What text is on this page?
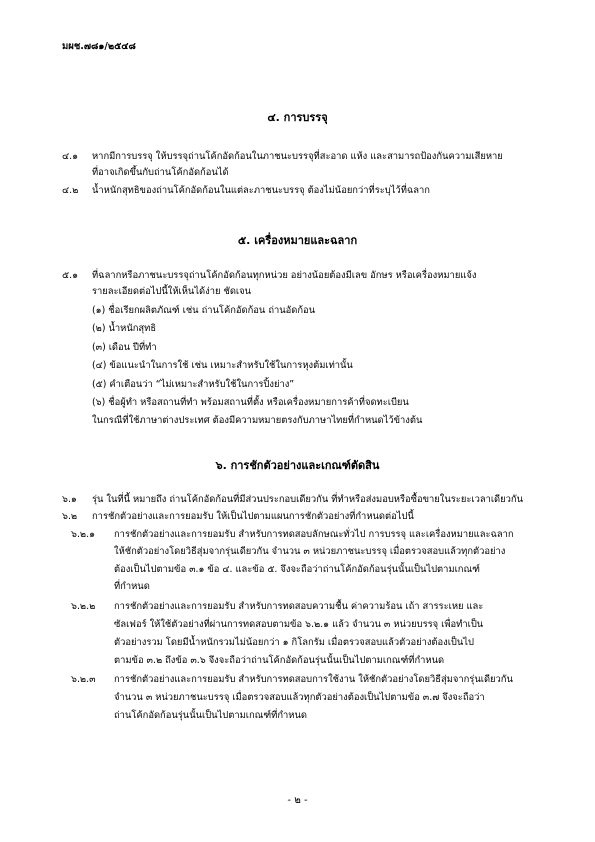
มผช.๗๘๑/๒๕๔๘
๔. การบรรจุ
๔.๑ หากมีการบรรจุ ให้บรรจุถ่านโค้กอัดก้อนในภาชนะบรรจุที่สะอาด แห้ง และสามารถป้องกันความเสียหาย
ที่อาจเกิดขึ้นกับถ่านโค้กอัดก้อนได้
๔.๒ น้ำหนักสุทธิของถ่านโค้กอัดก้อนในแต่ละภาชนะบรรจุ ต้องไม่น้อยกว่าที่ระบุไว้ที่ฉลาก
๕. เครื่องหมายและฉลาก
๕.๑ ที่ฉลากหรือภาชนะบรรจุถ่านโค้กอัดก้อนทุกหน่วย อย่างน้อยต้องมีเลข อักษร หรือเครื่องหมายแจ้ง
รายละเอียดต่อไปนี้ให้เห็นได้ง่าย ชัดเจน
(๑) ชื่อเรียกผลิตภัณฑ์ เช่น ถ่านโค้กอัดก้อน ถ่านอัดก้อน
(๒) น้ำหนักสุทธิ
(๓) เดือน ปีที่ทำ
(๔) ข้อแนะนำในการใช้ เช่น เหมาะสำหรับใช้ในการหุงต้มเท่านั้น
(๕) คำเตือนว่า “ไม่เหมาะสำหรับใช้ในการปิ้งย่าง”
(๖) ชื่อผู้ทำ หรือสถานที่ทำ พร้อมสถานที่ตั้ง หรือเครื่องหมายการค้าที่จดทะเบียน
ในกรณีที่ใช้ภาษาต่างประเทศ ต้องมีความหมายตรงกับภาษาไทยที่กำหนดไว้ข้างต้น
๖. การชักตัวอย่างและเกณฑ์ตัดสิน
๖.๑ รุ่น ในที่นี้ หมายถึง ถ่านโค้กอัดก้อนที่มีส่วนประกอบเดียวกัน ที่ทำหรือส่งมอบหรือซื้อขายในระยะเวลาเดียวกัน
๖.๒ การชักตัวอย่างและการยอมรับ ให้เป็นไปตามแผนการชักตัวอย่างที่กำหนดต่อไปนี้
๖.๒.๑ การชักตัวอย่างและการยอมรับ สำหรับการทดสอบลักษณะทั่วไป การบรรจุ และเครื่องหมายและฉลาก
ให้ชักตัวอย่างโดยวิธีสุ่มจากรุ่นเดียวกัน จำนวน ๓ หน่วยภาชนะบรรจุ เมื่อตรวจสอบแล้วทุกตัวอย่าง
ต้องเป็นไปตามข้อ ๓.๑ ข้อ ๔. และข้อ ๕. จึงจะถือว่าถ่านโค้กอัดก้อนรุ่นนั้นเป็นไปตามเกณฑ์
ที่กำหนด
๖.๒.๒ การชักตัวอย่างและการยอมรับ สำหรับการทดสอบความชื้น ค่าความร้อน เถ้า สารระเหย และ
ซัลเฟอร์ ให้ใช้ตัวอย่างที่ผ่านการทดสอบตามข้อ ๖.๒.๑ แล้ว จำนวน ๓ หน่วยบรรจุ เพื่อทำเป็น
ตัวอย่างรวม โดยมีน้ำหนักรวมไม่น้อยกว่า ๑ กิโลกรัม เมื่อตรวจสอบแล้วตัวอย่างต้องเป็นไป
ตามข้อ ๓.๒ ถึงข้อ ๓.๖ จึงจะถือว่าถ่านโค้กอัดก้อนรุ่นนั้นเป็นไปตามเกณฑ์ที่กำหนด
๖.๒.๓ การชักตัวอย่างและการยอมรับ สำหรับการทดสอบการใช้งาน ให้ชักตัวอย่างโดยวิธีสุ่มจากรุ่นเดียวกัน
จำนวน ๓ หน่วยภาชนะบรรจุ เมื่อตรวจสอบแล้วทุกตัวอย่างต้องเป็นไปตามข้อ ๓.๗ จึงจะถือว่า
ถ่านโค้กอัดก้อนรุ่นนั้นเป็นไปตามเกณฑ์ที่กำหนด
- ๒ -
